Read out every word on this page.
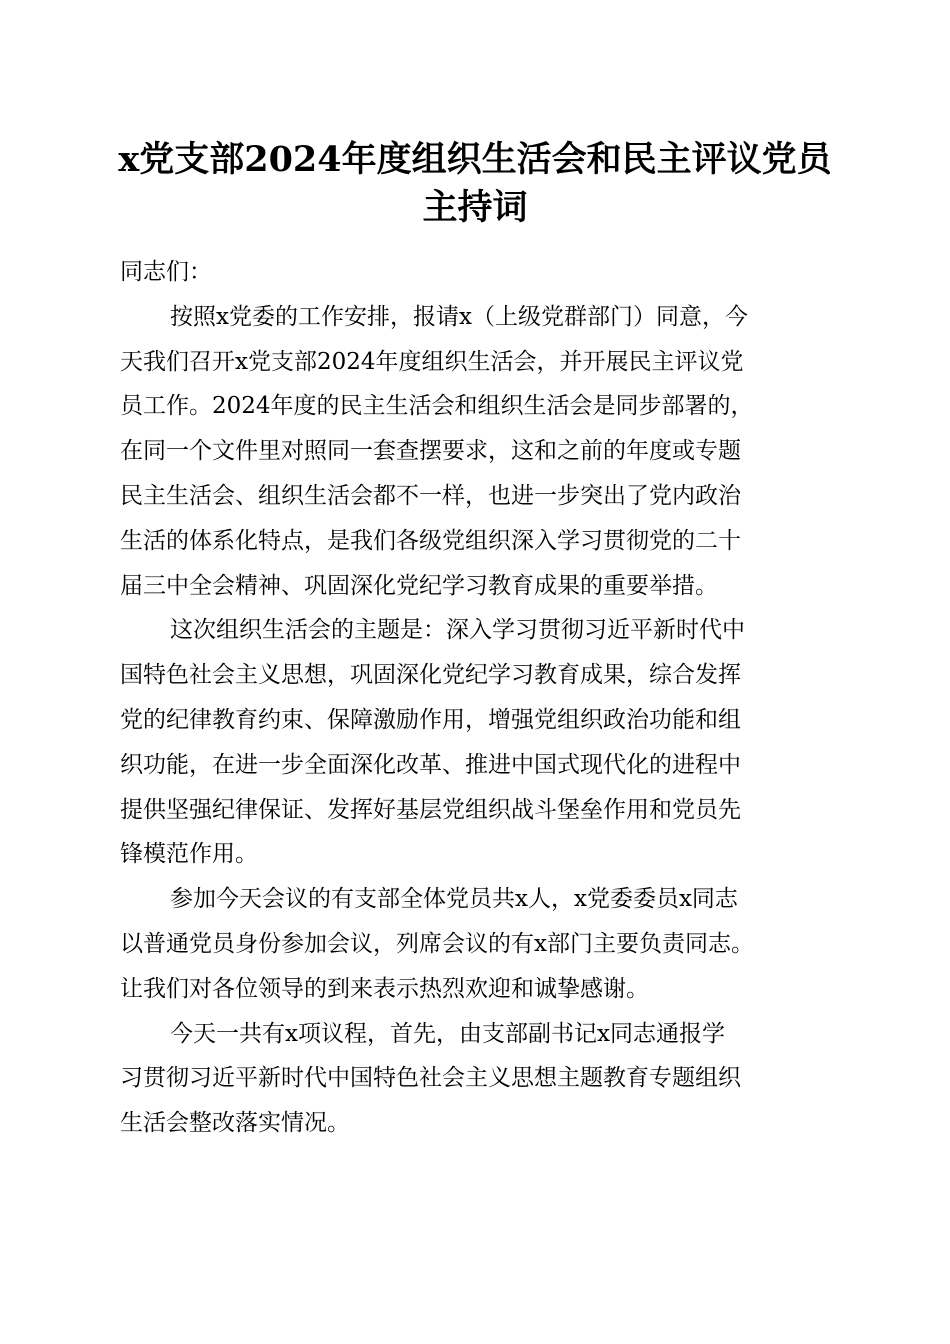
x党支部2024年度组织生活会和民主评议党员
主持词
同志们：
按照x党委的工作安排，报请x（上级党群部门）同意，今
天我们召开x党支部2024年度组织生活会，并开展民主评议党
员工作。2024年度的民主生活会和组织生活会是同步部署的，
在同一个文件里对照同一套查摆要求，这和之前的年度或专题
民主生活会、组织生活会都不一样，也进一步突出了党内政治
生活的体系化特点，是我们各级党组织深入学习贯彻党的二十
届三中全会精神、巩固深化党纪学习教育成果的重要举措。
这次组织生活会的主题是：深入学习贯彻习近平新时代中
国特色社会主义思想，巩固深化党纪学习教育成果，综合发挥
党的纪律教育约束、保障激励作用，增强党组织政治功能和组
织功能，在进一步全面深化改革、推进中国式现代化的进程中
提供坚强纪律保证、发挥好基层党组织战斗堡垒作用和党员先
锋模范作用。
参加今天会议的有支部全体党员共x人，x党委委员x同志
以普通党员身份参加会议，列席会议的有x部门主要负责同志。
让我们对各位领导的到来表示热烈欢迎和诚挚感谢。
今天一共有x项议程，首先，由支部副书记x同志通报学
习贯彻习近平新时代中国特色社会主义思想主题教育专题组织
生活会整改落实情况。
